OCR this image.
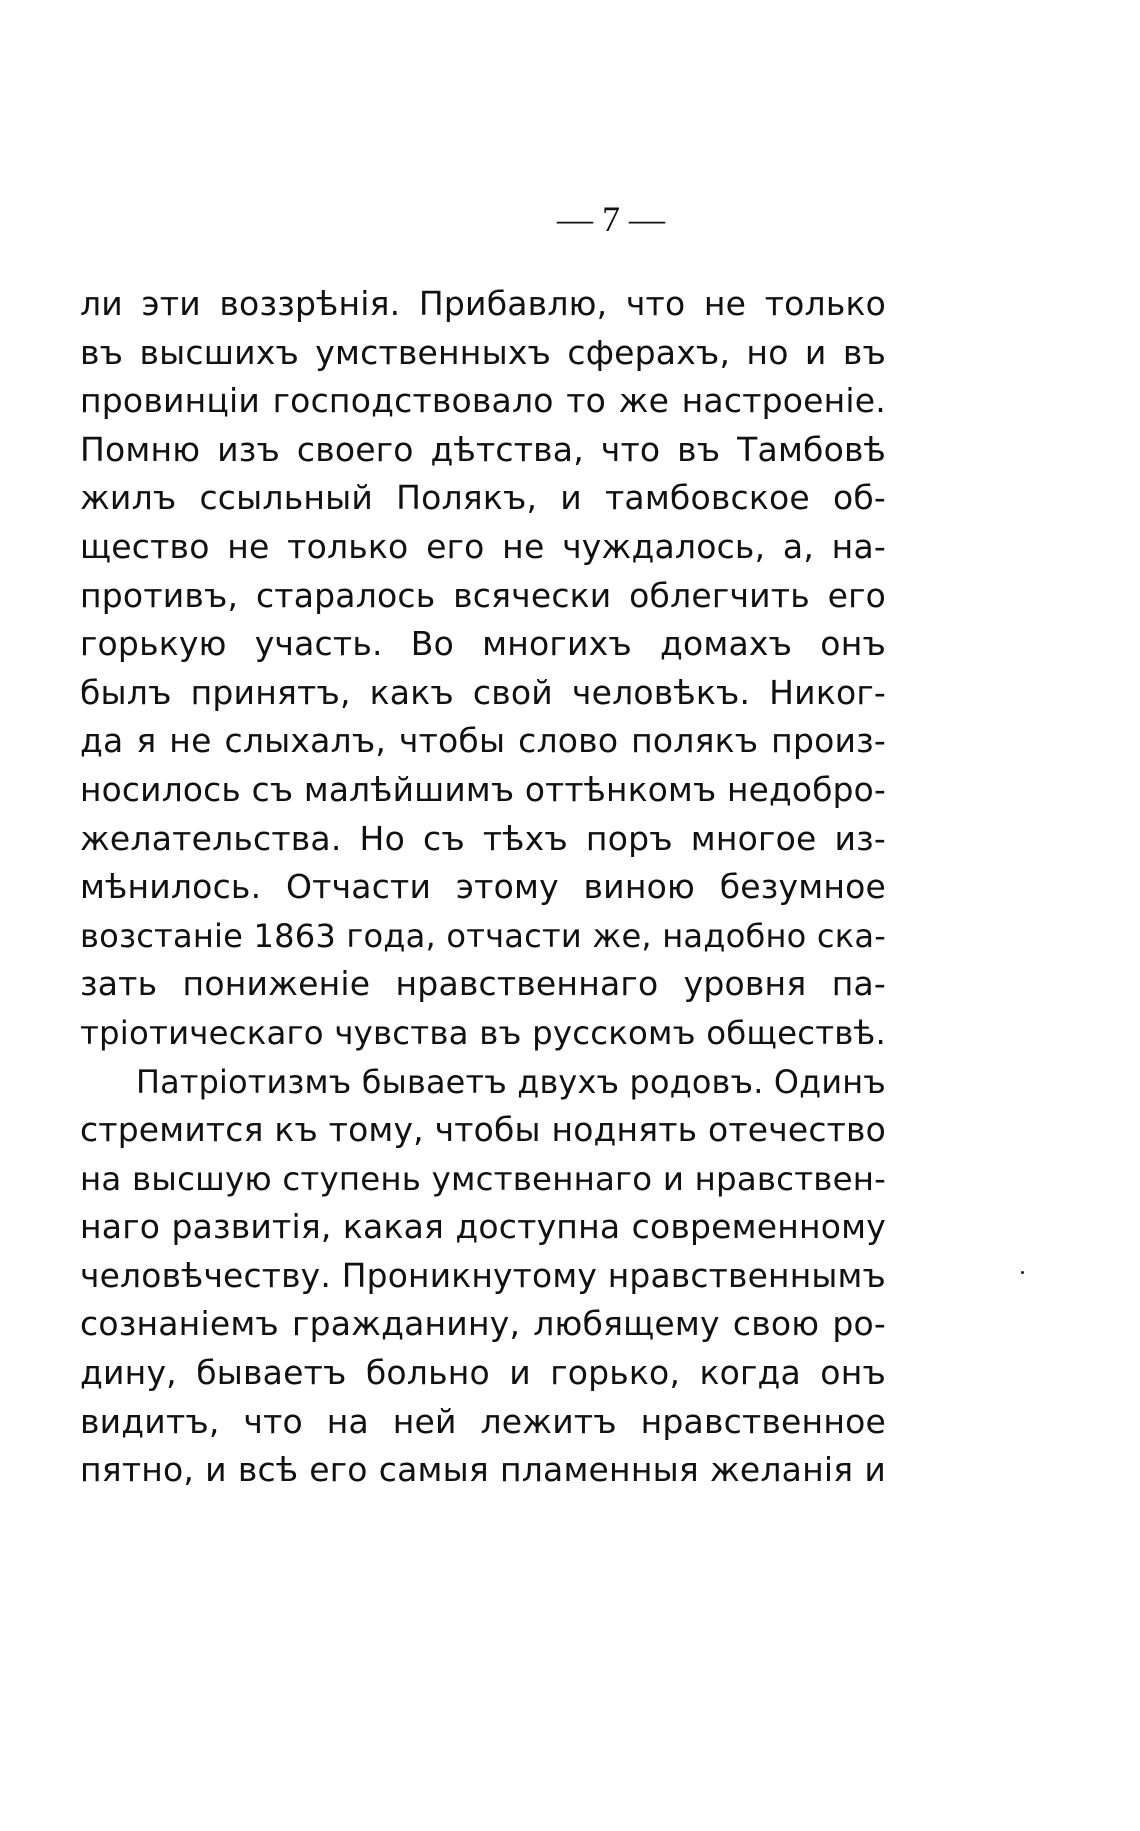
— 7 —
ли эти воззрѣнія. Прибавлю, что не только
въ высшихъ умственныхъ сферахъ, но и въ
провинціи господствовало то же настроеніе.
Помню изъ своего дѣтства, что въ Тамбовѣ
жилъ ссыльный Полякъ, и тамбовское об-
щество не только его не чуждалось, а, на-
противъ, старалось всячески облегчить его
горькую участь. Во многихъ домахъ онъ
былъ принятъ, какъ свой человѣкъ. Никог-
да я не слыхалъ, чтобы слово полякъ произ-
носилось съ малѣйшимъ оттѣнкомъ недобро-
желательства. Но съ тѣхъ поръ многое из-
мѣнилось. Отчасти этому виною безумное
возстаніе 1863 года, отчасти же, надобно ска-
зать пониженіе нравственнаго уровня па-
тріотическаго чувства въ русскомъ обществѣ.
Патріотизмъ бываетъ двухъ родовъ. Одинъ
стремится къ тому, чтобы ноднять отечество
на высшую ступень умственнаго и нравствен-
наго развитія, какая доступна современному
человѣчеству. Проникнутому нравственнымъ
сознаніемъ гражданину, любящему свою ро-
дину, бываетъ больно и горько, когда онъ
видитъ, что на ней лежитъ нравственное
пятно, и всѣ его самыя пламенныя желанія и
